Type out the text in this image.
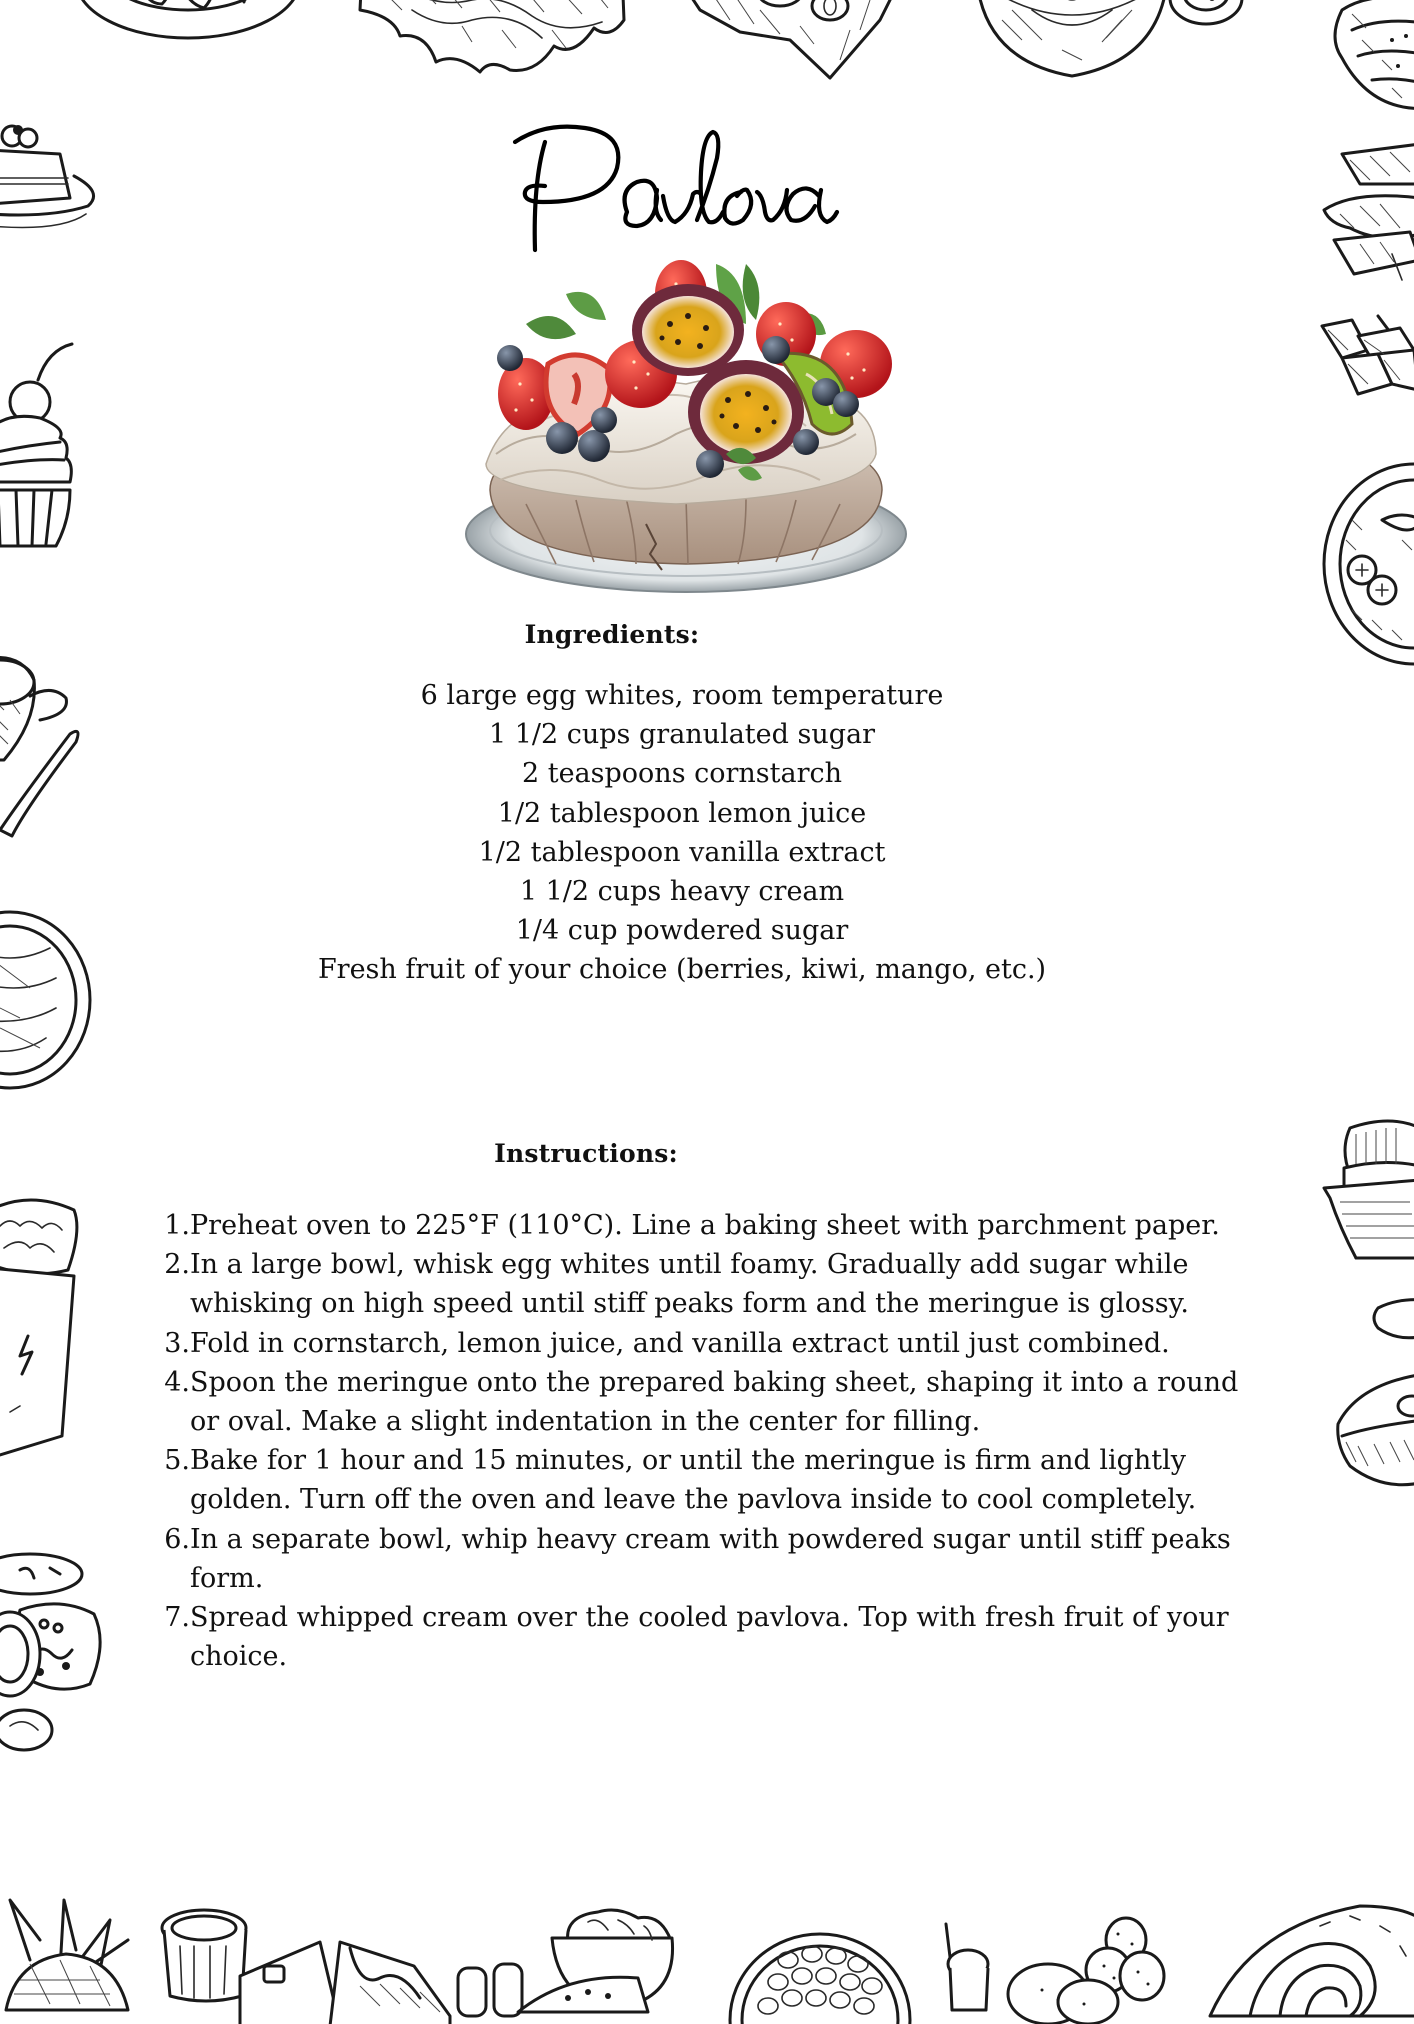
Ingredients:
6 large egg whites, room temperature
1 1/2 cups granulated sugar
2 teaspoons cornstarch
1/2 tablespoon lemon juice
1/2 tablespoon vanilla extract
1 1/2 cups heavy cream
1/4 cup powdered sugar
Fresh fruit of your choice (berries, kiwi, mango, etc.)
Instructions:
1. Preheat oven to 225°F (110°C). Line a baking sheet with parchment paper.
2. In a large bowl, whisk egg whites until foamy. Gradually add sugar while whisking on high speed until stiff peaks form and the meringue is glossy.
3. Fold in cornstarch, lemon juice, and vanilla extract until just combined.
4. Spoon the meringue onto the prepared baking sheet, shaping it into a round or oval. Make a slight indentation in the center for filling.
5. Bake for 1 hour and 15 minutes, or until the meringue is firm and lightly golden. Turn off the oven and leave the pavlova inside to cool completely.
6. In a separate bowl, whip heavy cream with powdered sugar until stiff peaks form.
7. Spread whipped cream over the cooled pavlova. Top with fresh fruit of your choice.
